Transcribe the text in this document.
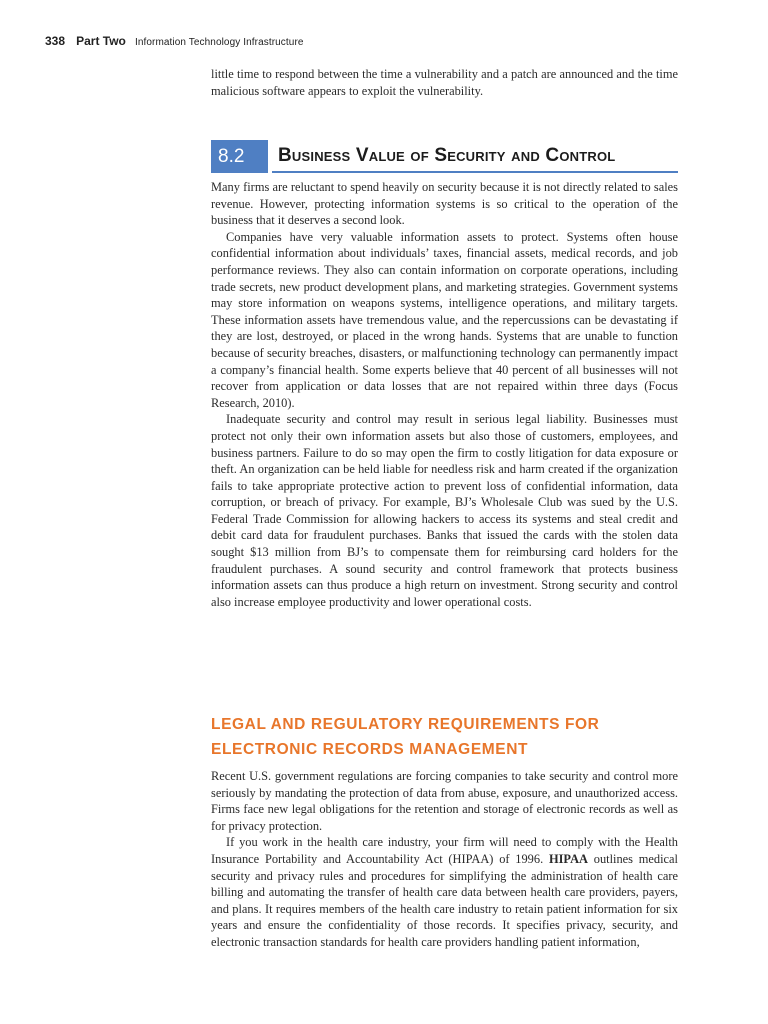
338 Part Two Information Technology Infrastructure

little time to respond between the time a vulnerability and a patch are announced and the time malicious software appears to exploit the vulnerability.

8.2	Business Value of Security and Control

Many firms are reluctant to spend heavily on security because it is not directly related to sales revenue. However, protecting information systems is so critical to the operation of the business that it deserves a second look.

Companies have very valuable information assets to protect. Systems often house confidential information about individuals’ taxes, financial assets, medical records, and job performance reviews. They also can contain information on corporate operations, including trade secrets, new product development plans, and marketing strategies. Government systems may store information on weapons systems, intelligence operations, and military targets. These information assets have tremendous value, and the repercussions can be devastating if they are lost, destroyed, or placed in the wrong hands. Systems that are unable to function because of security breaches, disasters, or malfunctioning technology can permanently impact a company’s financial health. Some experts believe that 40 percent of all businesses will not recover from application or data losses that are not repaired within three days (Focus Research, 2010).

Inadequate security and control may result in serious legal liability. Businesses must protect not only their own information assets but also those of customers, employees, and business partners. Failure to do so may open the firm to costly litigation for data exposure or theft. An organization can be held liable for needless risk and harm created if the organization fails to take appropriate protective action to prevent loss of confidential information, data corruption, or breach of privacy. For example, BJ’s Wholesale Club was sued by the U.S. Federal Trade Commission for allowing hackers to access its systems and steal credit and debit card data for fraudulent purchases. Banks that issued the cards with the stolen data sought $13 million from BJ’s to compensate them for reimbursing card holders for the fraudulent purchases. A sound security and control framework that protects business information assets can thus produce a high return on investment. Strong security and control also increase employee productivity and lower operational costs.

LEGAL AND REGULATORY REQUIREMENTS FOR
ELECTRONIC RECORDS MANAGEMENT

Recent U.S. government regulations are forcing companies to take security and control more seriously by mandating the protection of data from abuse, exposure, and unauthorized access. Firms face new legal obligations for the retention and storage of electronic records as well as for privacy protection.

If you work in the health care industry, your firm will need to comply with the Health Insurance Portability and Accountability Act (HIPAA) of 1996. HIPAA outlines medical security and privacy rules and procedures for simplifying the administration of health care billing and automating the transfer of health care data between health care providers, payers, and plans. It requires members of the health care industry to retain patient information for six years and ensure the confidentiality of those records. It specifies privacy, security, and electronic transaction standards for health care providers handling patient information,
